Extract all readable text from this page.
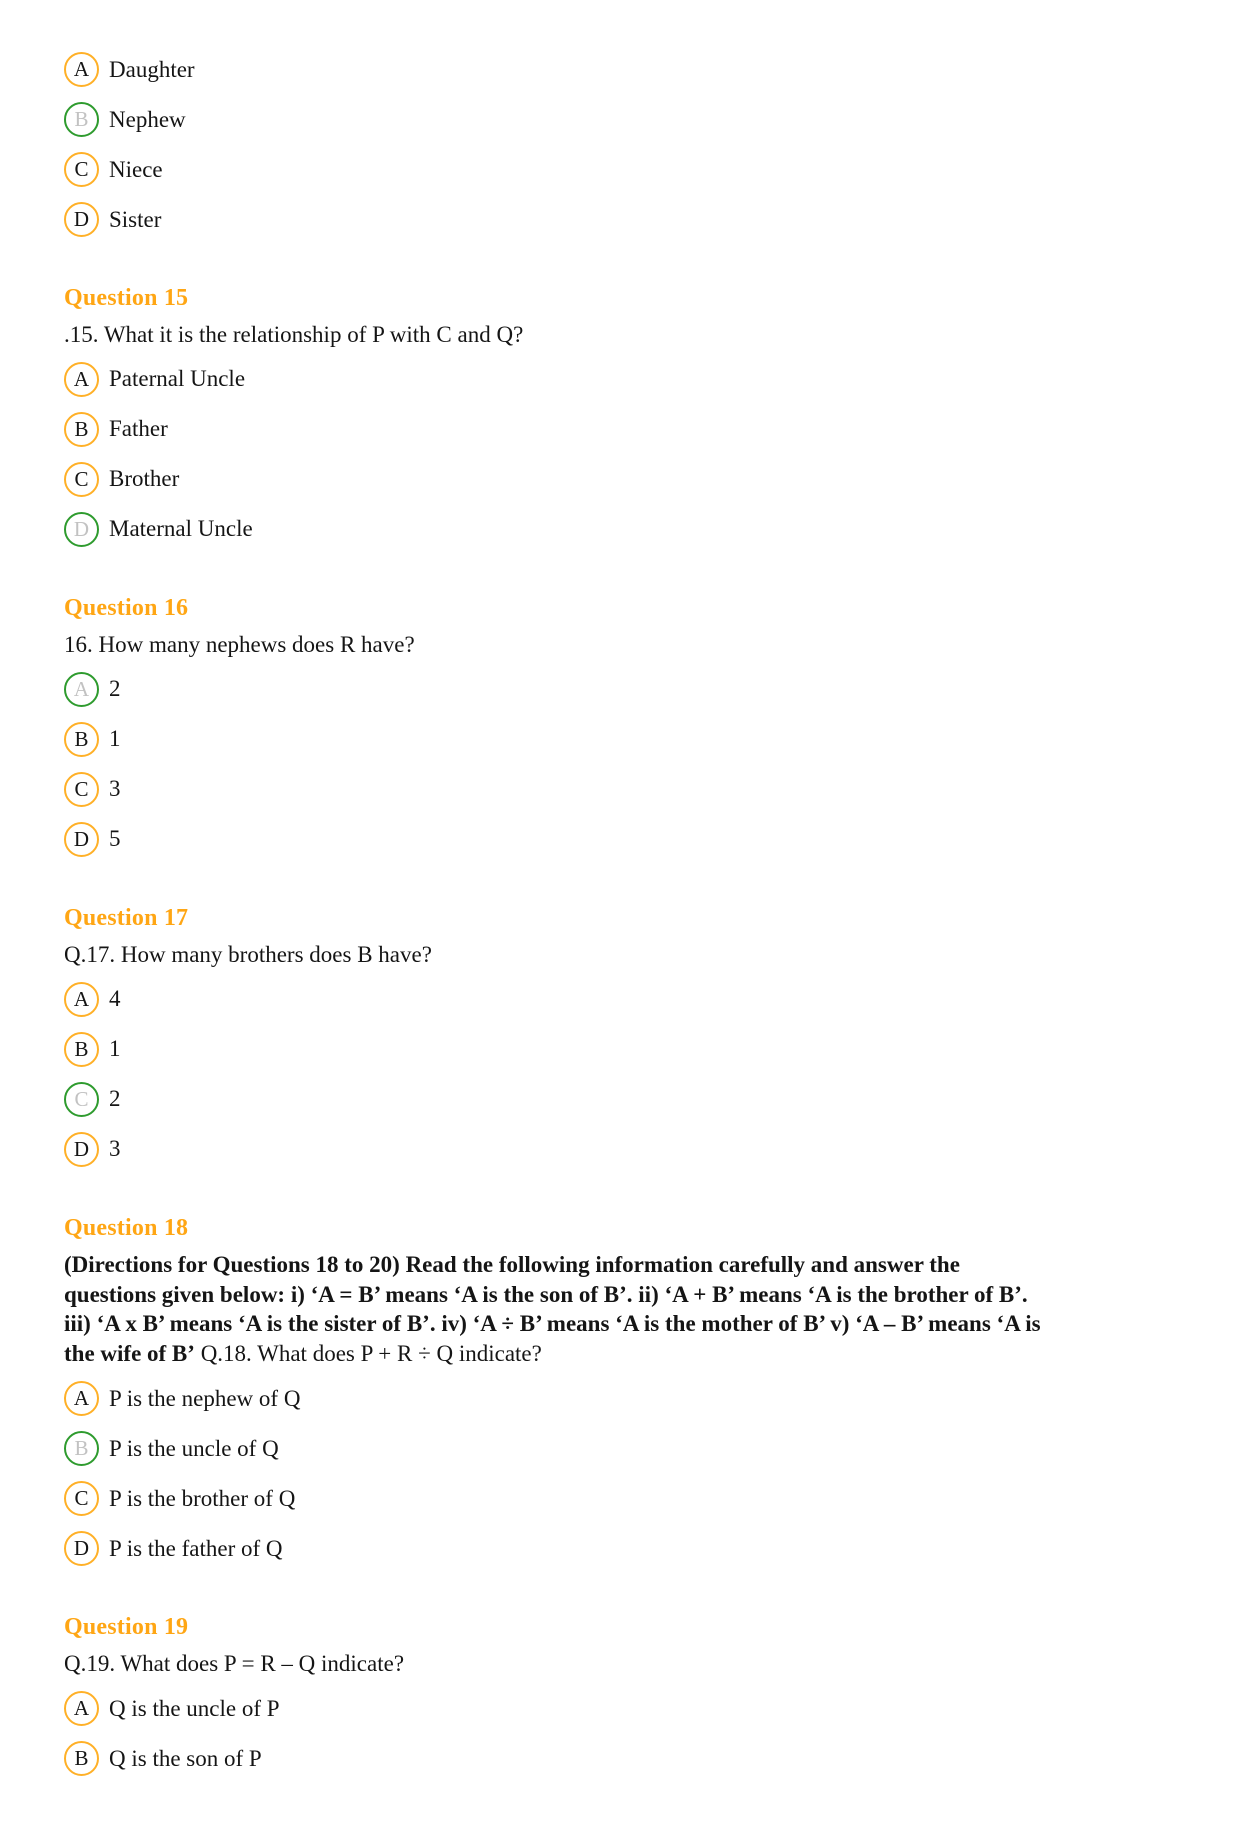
A Daughter
B Nephew
C Niece
D Sister
Question 15

.15. What it is the relationship of P with C and Q?

A Paternal Uncle
B Father
C Brother
D Maternal Uncle
Question 16

16. How many nephews does R have?

A 2
B 1
C 3
D 5
Question 17

Q.17. How many brothers does B have?

A 4
B 1
C 2
D 3
Question 18

(Directions for Questions 18 to 20) Read the following information carefully and answer the questions given below: i) ‘A = B’ means ‘A is the son of B’. ii) ‘A + B’ means ‘A is the brother of B’. iii) ‘A x B’ means ‘A is the sister of B’. iv) ‘A ÷ B’ means ‘A is the mother of B’ v) ‘A – B’ means ‘A is the wife of B’ Q.18. What does P + R ÷ Q indicate?

A P is the nephew of Q
B P is the uncle of Q
C P is the brother of Q
D P is the father of Q
Question 19

Q.19. What does P = R – Q indicate?

A Q is the uncle of P
B Q is the son of P
